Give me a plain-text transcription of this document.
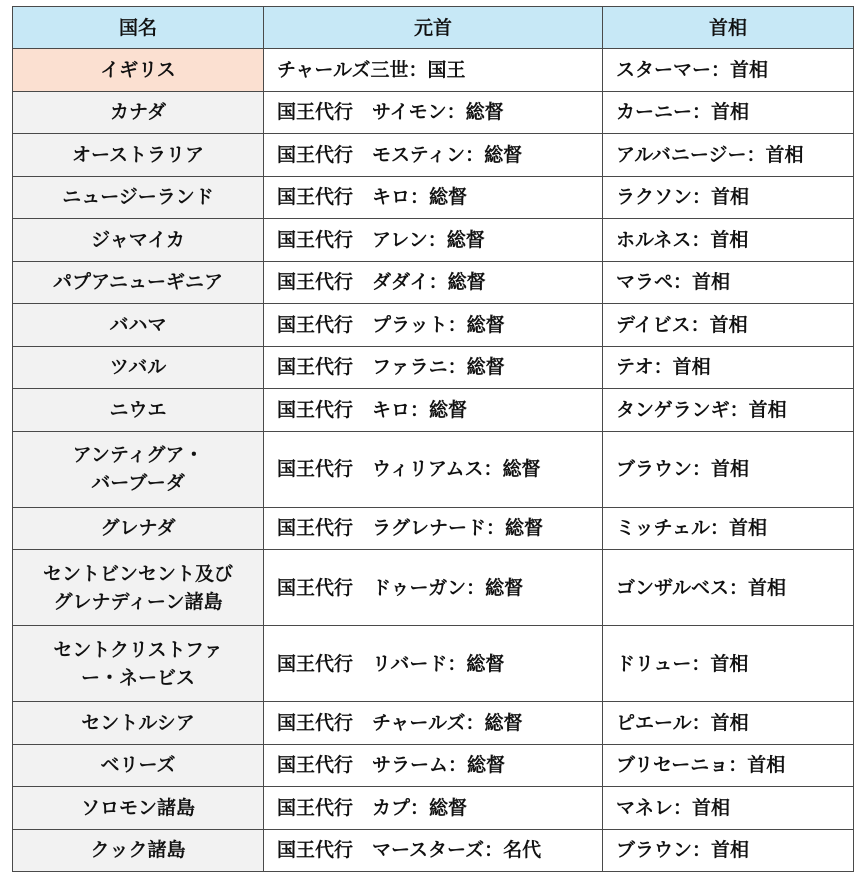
国名	元首	首相

イギリス	チャールズ三世：国王	スターマー：首相

カナダ	国王代行　サイモン：総督	カーニー：首相

オーストラリア	国王代行　モスティン：総督	アルバニージー：首相

ニュージーランド	国王代行　キロ：総督	ラクソン：首相

ジャマイカ	国王代行　アレン：総督	ホルネス：首相

パプアニューギニア	国王代行　ダダイ：総督	マラペ：首相

バハマ	国王代行　プラット：総督	デイビス：首相

ツバル	国王代行　ファラニ：総督	テオ：首相

ニウエ	国王代行　キロ：総督	タンゲランギ：首相

アンティグア・
バーブーダ	国王代行　ウィリアムス：総督	ブラウン：首相

グレナダ	国王代行　ラグレナード：総督	ミッチェル：首相

セントビンセント及び
グレナディーン諸島	国王代行　ドゥーガン：総督	ゴンザルベス：首相

セントクリストファ
ー・ネービス	国王代行　リバード：総督	ドリュー：首相

セントルシア	国王代行　チャールズ：総督	ピエール：首相

ベリーズ	国王代行　サラーム：総督	ブリセーニョ：首相

ソロモン諸島	国王代行　カプ：総督	マネレ：首相

クック諸島	国王代行　マースターズ：名代	ブラウン：首相
